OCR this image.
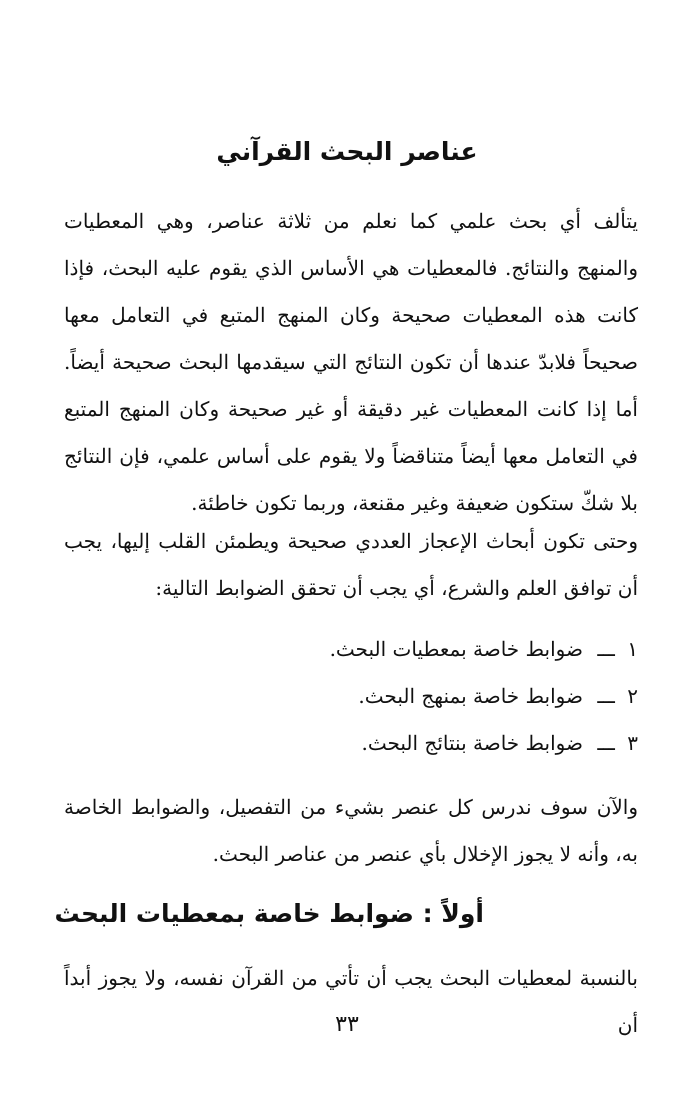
عناصر البحث القرآني

يتألف أي بحث علمي كما نعلم من ثلاثة عناصر، وهي المعطيات والمنهج والنتائج. فالمعطيات هي الأساس الذي يقوم عليه البحث، فإذا كانت هذه المعطيات صحيحة وكان المنهج المتبع في التعامل معها صحيحاً فلابدّ عندها أن تكون النتائج التي سيقدمها البحث صحيحة أيضاً. أما إذا كانت المعطيات غير دقيقة أو غير صحيحة وكان المنهج المتبع في التعامل معها أيضاً متناقضاً ولا يقوم على أساس علمي، فإن النتائج بلا شكّ ستكون ضعيفة وغير مقنعة، وربما تكون خاطئة.

وحتى تكون أبحاث الإعجاز العددي صحيحة ويطمئن القلب إليها، يجب أن توافق العلم والشرع، أي يجب أن تحقق الضوابط التالية:

١ ـــ ضوابط خاصة بمعطيات البحث.
٢ ـــ ضوابط خاصة بمنهج البحث.
٣ ـــ ضوابط خاصة بنتائج البحث.

والآن سوف ندرس كل عنصر بشيء من التفصيل، والضوابط الخاصة به، وأنه لا يجوز الإخلال بأي عنصر من عناصر البحث.

أولاً : ضوابط خاصة بمعطيات البحث

بالنسبة لمعطيات البحث يجب أن تأتي من القرآن نفسه، ولا يجوز أبداً أن

٣٣
